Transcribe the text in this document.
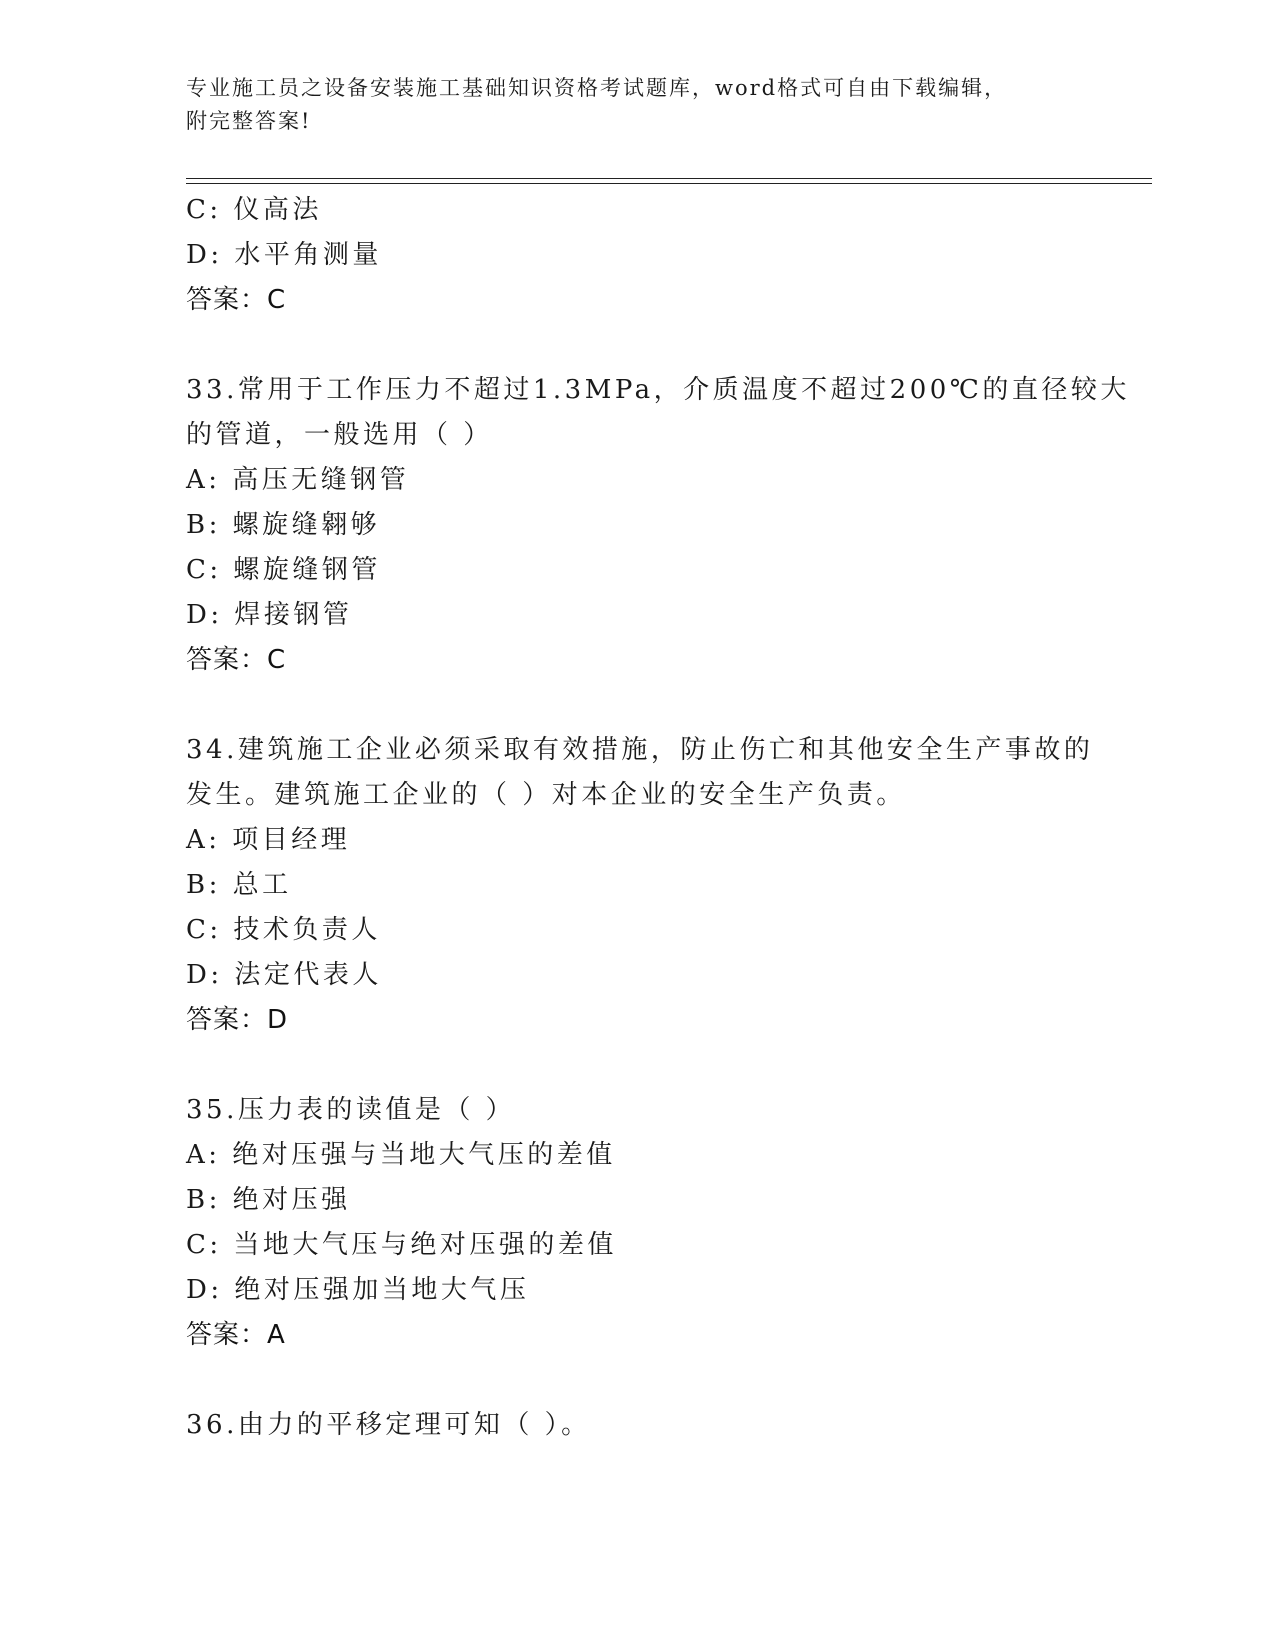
专业施工员之设备安装施工基础知识资格考试题库，word格式可自由下载编辑，
附完整答案!
C: 仪高法
D: 水平角测量
答案：C
33.常用于工作压力不超过1.3MPa，介质温度不超过200℃的直径较大
的管道，一般选用（ ）
A: 高压无缝钢管
B: 螺旋缝翱够
C: 螺旋缝钢管
D: 焊接钢管
答案：C
34.建筑施工企业必须采取有效措施，防止伤亡和其他安全生产事故的
发生。建筑施工企业的（ ）对本企业的安全生产负责。
A: 项目经理
B: 总工
C: 技术负责人
D: 法定代表人
答案：D
35.压力表的读值是（ ）
A: 绝对压强与当地大气压的差值
B: 绝对压强
C: 当地大气压与绝对压强的差值
D: 绝对压强加当地大气压
答案：A
36.由力的平移定理可知（ ）。
